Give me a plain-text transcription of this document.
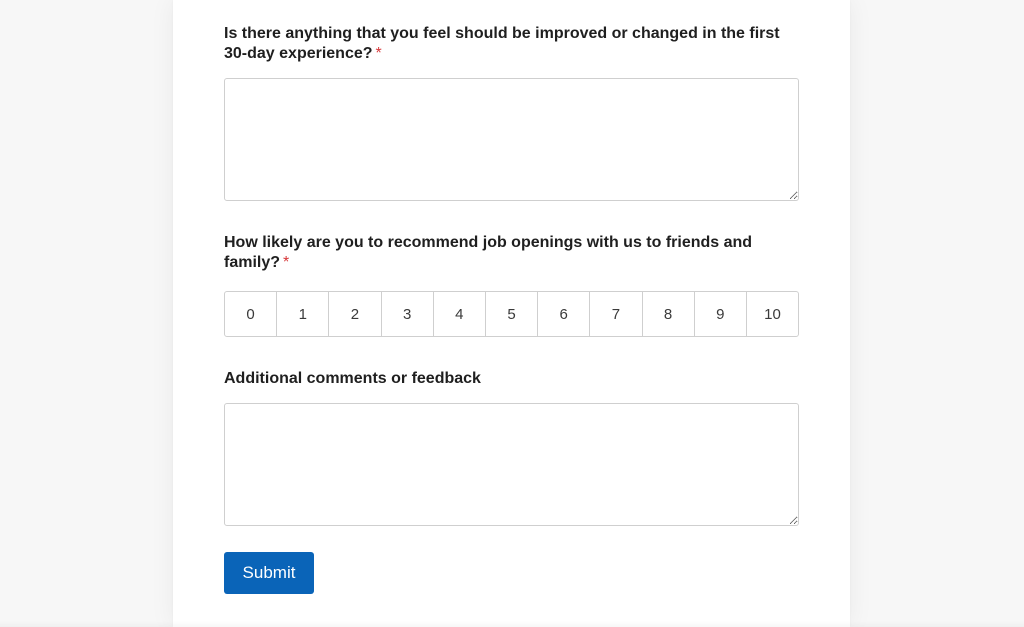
Is there anything that you feel should be improved or changed in the first 30-day experience? *

How likely are you to recommend job openings with us to friends and family? *

0	1	2	3	4	5	6	7	8	9	10

Additional comments or feedback

Submit
